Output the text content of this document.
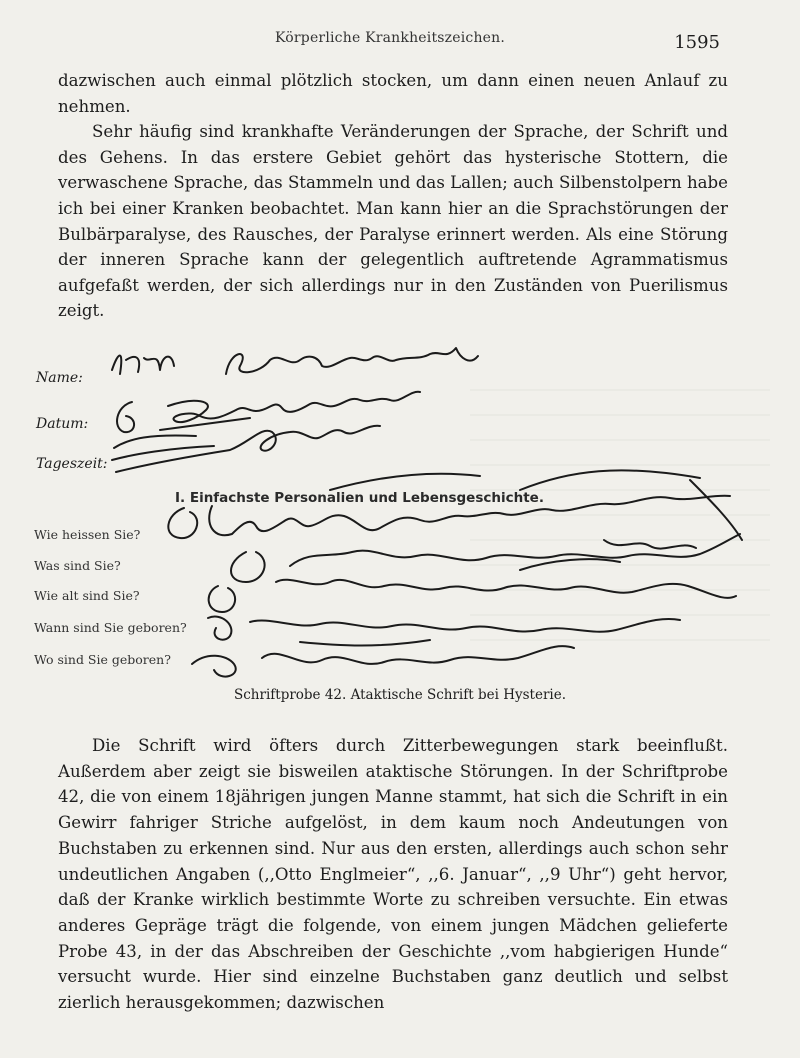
Körperliche Krankheitszeichen.	1595

dazwischen auch einmal plötzlich stocken, um dann einen neuen Anlauf zu nehmen.

Sehr häufig sind krankhafte Veränderungen der Sprache, der Schrift und des Gehens. In das erstere Gebiet gehört das hysterische Stottern, die verwaschene Sprache, das Stammeln und das Lallen; auch Silbenstolpern habe ich bei einer Kranken beobachtet. Man kann hier an die Sprachstörungen der Bulbärparalyse, des Rausches, der Paralyse erinnert werden. Als eine Störung der inneren Sprache kann der gelegentlich auftretende Agrammatismus aufgefaßt werden, der sich allerdings nur in den Zuständen von Puerilismus zeigt.

Name:
Datum:
Tageszeit:
I. Einfachste Personalien und Lebensgeschichte.
Wie heissen Sie?
Was sind Sie?
Wie alt sind Sie?
Wann sind Sie geboren?
Wo sind Sie geboren?
Schriftprobe 42. Ataktische Schrift bei Hysterie.

Die Schrift wird öfters durch Zitterbewegungen stark beeinflußt. Außerdem aber zeigt sie bisweilen ataktische Störungen. In der Schriftprobe 42, die von einem 18jährigen jungen Manne stammt, hat sich die Schrift in ein Gewirr fahriger Striche aufgelöst, in dem kaum noch Andeutungen von Buchstaben zu erkennen sind. Nur aus den ersten, allerdings auch schon sehr undeutlichen Angaben (,,Otto Englmeier“, ,,6. Januar“, ,,9 Uhr“) geht hervor, daß der Kranke wirklich bestimmte Worte zu schreiben versuchte. Ein etwas anderes Gepräge trägt die folgende, von einem jungen Mädchen gelieferte Probe 43, in der das Abschreiben der Geschichte ,,vom habgierigen Hunde“ versucht wurde. Hier sind einzelne Buchstaben ganz deutlich und selbst zierlich herausgekommen; dazwischen
